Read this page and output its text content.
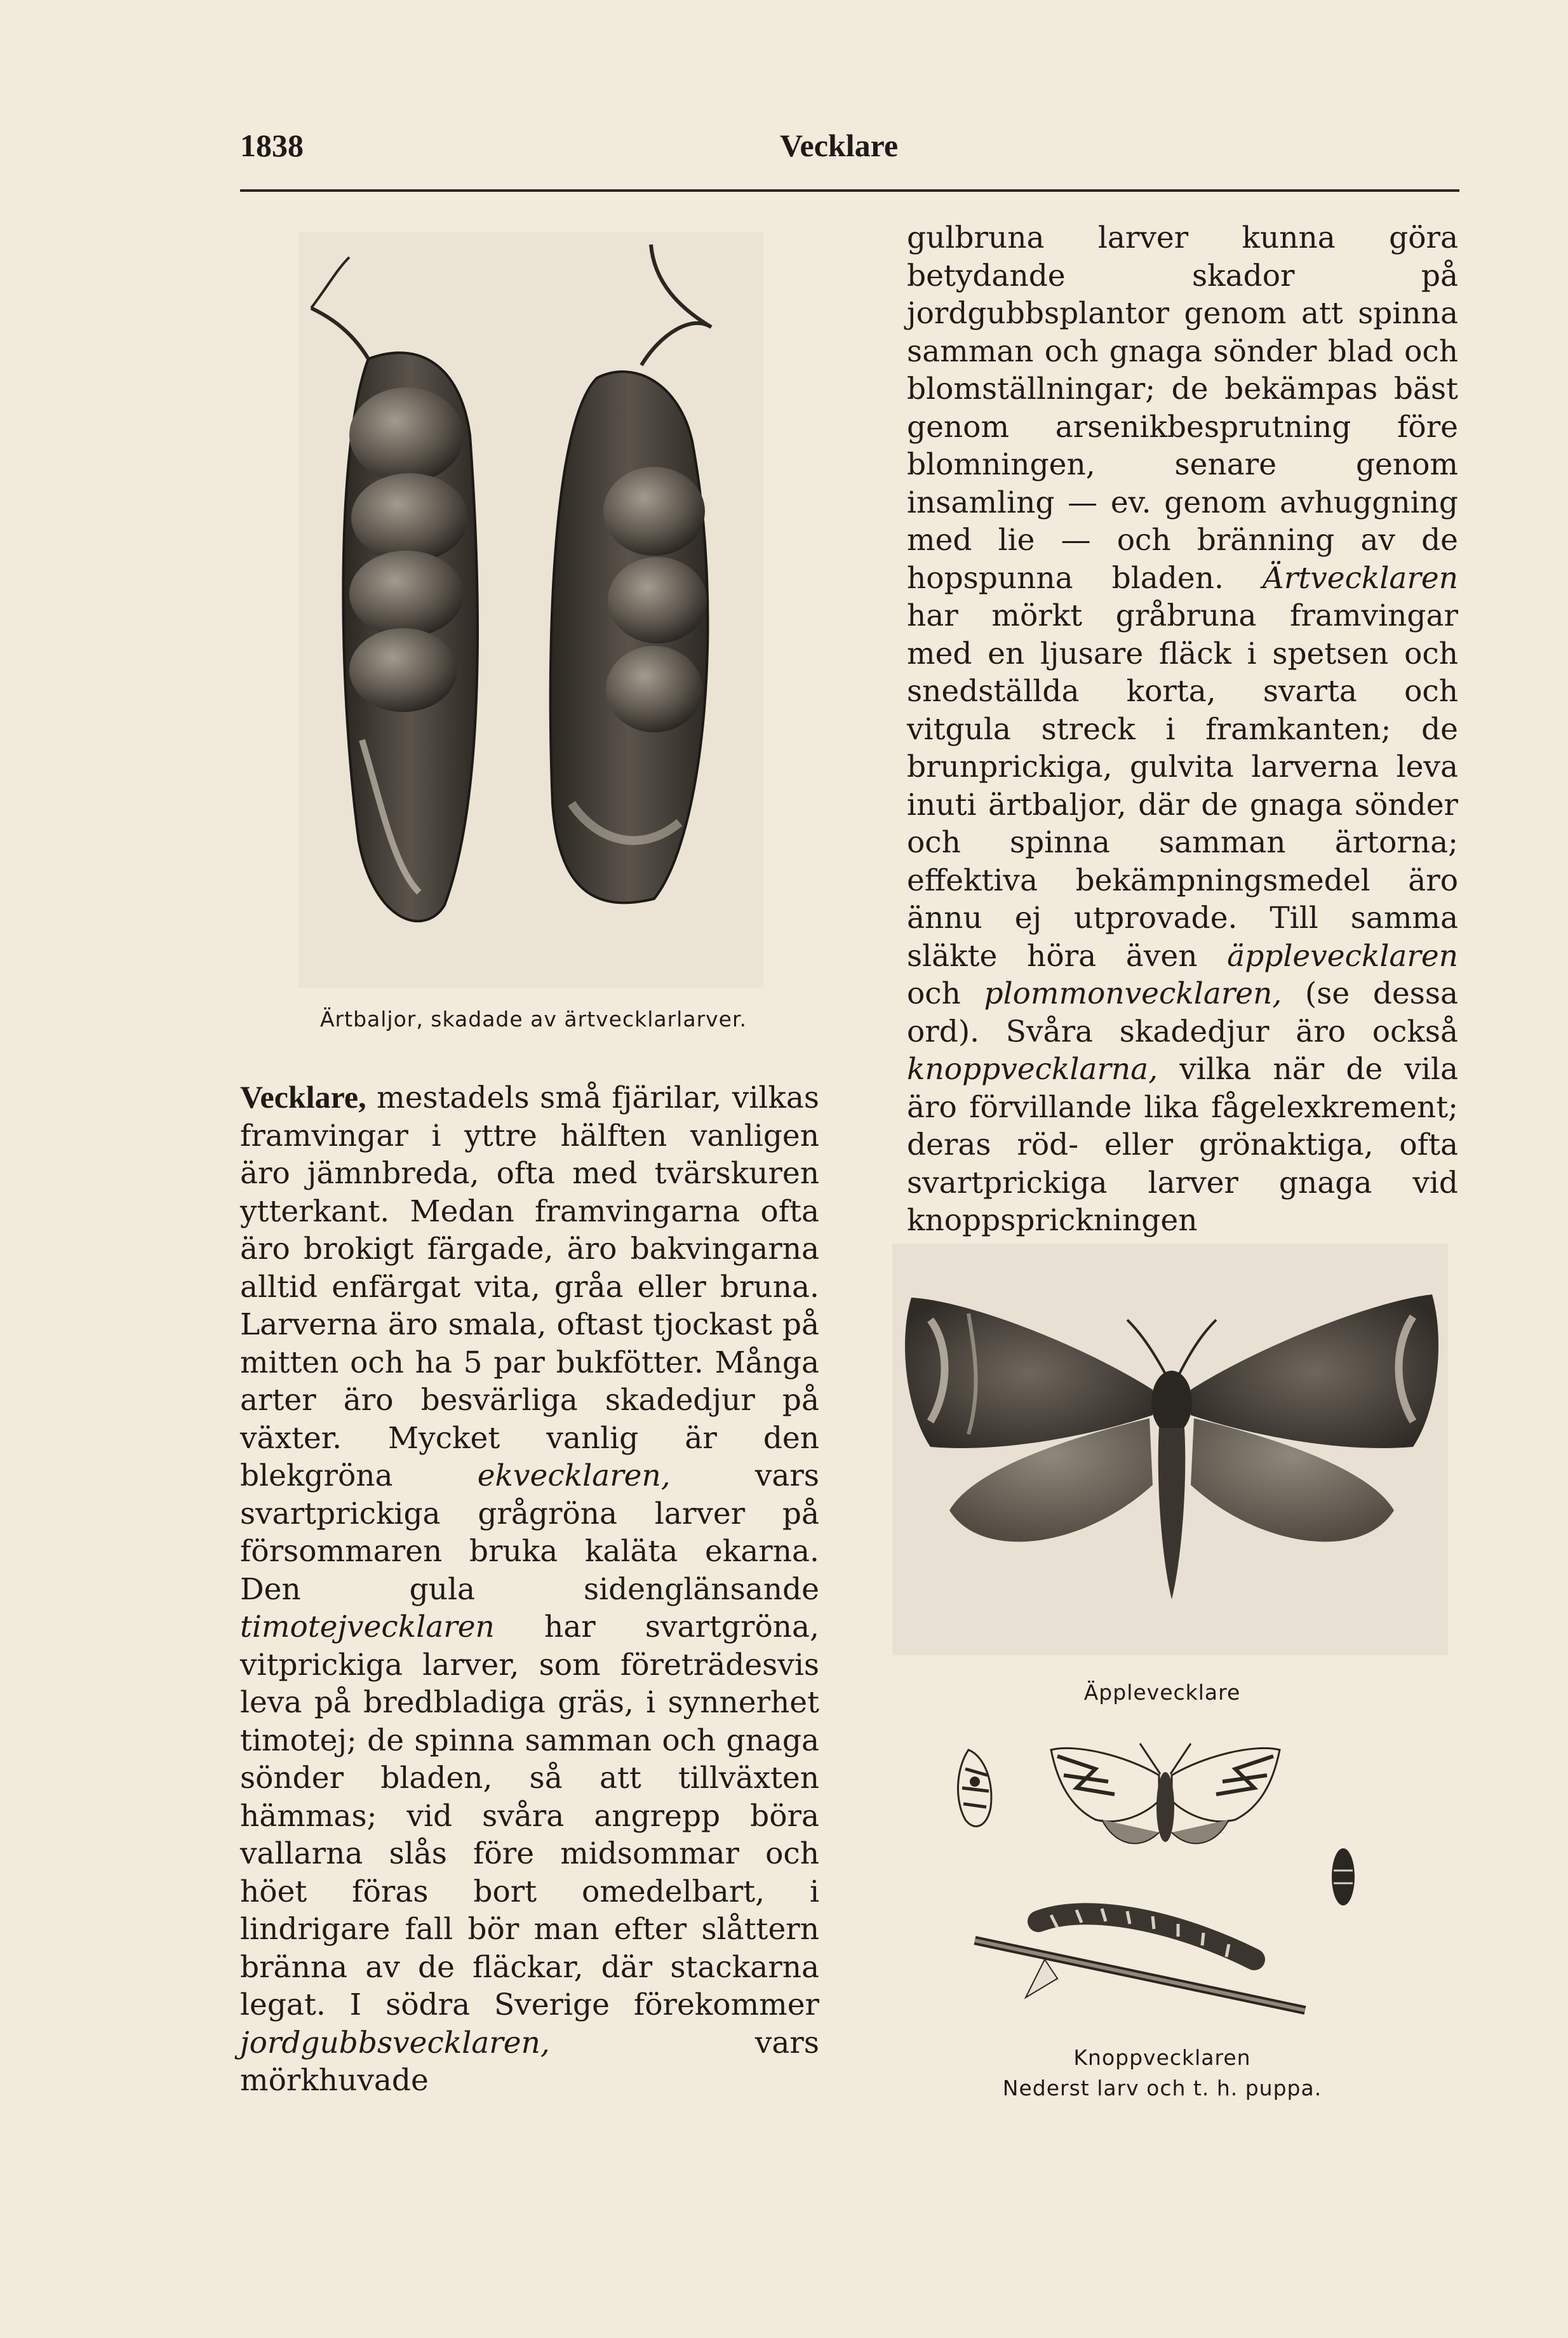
1838	Vecklare
Ärtbaljor, skadade av ärtvecklarlarver.

Vecklare, mestadels små fjärilar, vilkas framvingar i yttre hälften vanligen äro jämnbreda, ofta med tvärskuren ytterkant. Medan framvingarna ofta äro brokigt färgade, äro bakvingarna alltid enfärgat vita, gråa eller bruna. Larverna äro smala, oftast tjockast på mitten och ha 5 par bukfötter. Många arter äro besvärliga skadedjur på växter. Mycket vanlig är den blekgröna ekvecklaren, vars svartprickiga grågröna larver på försommaren bruka kaläta ekarna. Den gula sidenglänsande timotejvecklaren har svartgröna, vitprickiga larver, som företrädesvis leva på bredbladiga gräs, i synnerhet timotej; de spinna samman och gnaga sönder bladen, så att tillväxten hämmas; vid svåra angrepp böra vallarna slås före midsommar och höet föras bort omedelbart, i lindrigare fall bör man efter slåttern bränna av de fläckar, där stackarna legat. I södra Sverige förekommer jordgubbsvecklaren, vars mörkhuvade

gulbruna larver kunna göra betydande skador på jordgubbsplantor genom att spinna samman och gnaga sönder blad och blomställningar; de bekämpas bäst genom arsenikbesprutning före blomningen, senare genom insamling — ev. genom avhuggning med lie — och bränning av de hopspunna bladen. Ärtvecklaren har mörkt gråbruna framvingar med en ljusare fläck i spetsen och snedställda korta, svarta och vitgula streck i framkanten; de brunprickiga, gulvita larverna leva inuti ärtbaljor, där de gnaga sönder och spinna samman ärtorna; effektiva bekämpningsmedel äro ännu ej utprovade. Till samma släkte höra även äpplevecklaren och plommonvecklaren, (se dessa ord). Svåra skadedjur äro också knoppvecklarna, vilka när de vila äro förvillande lika fågelexkrement; deras röd- eller grönaktiga, ofta svartprickiga larver gnaga vid knoppsprickningen

Äpplevecklare
Knoppvecklaren
Nederst larv och t. h. puppa.
